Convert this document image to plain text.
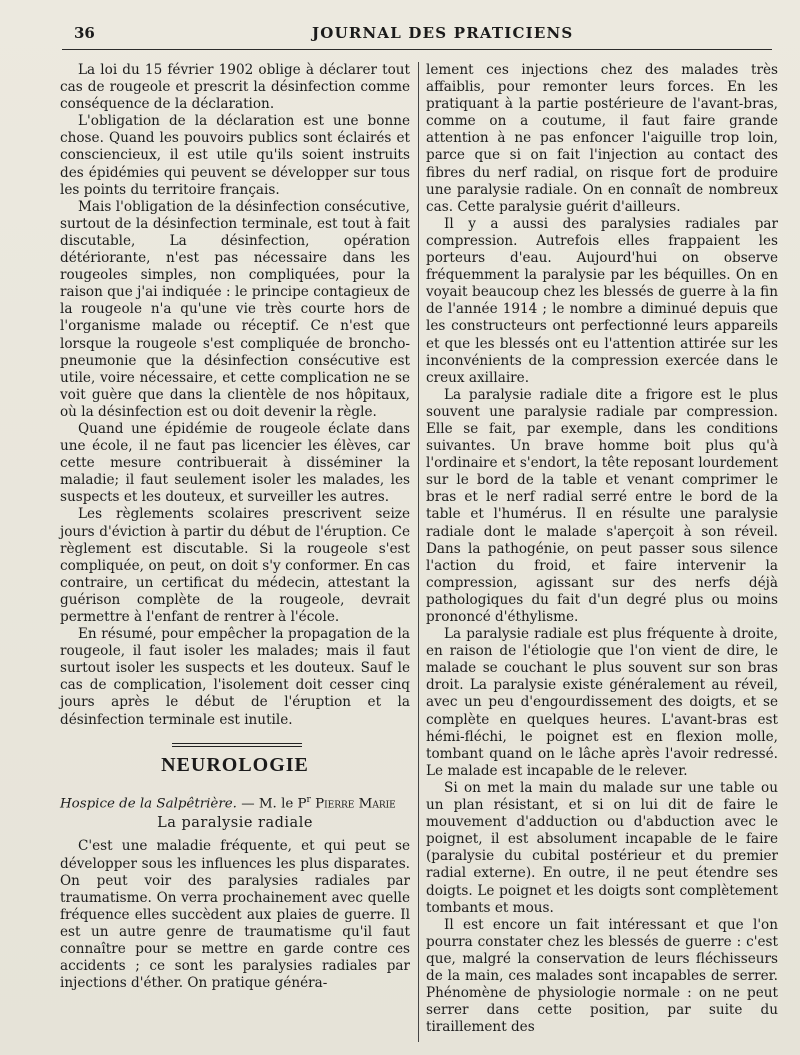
36	JOURNAL DES PRATICIENS

La loi du 15 février 1902 oblige à déclarer tout cas de rougeole et prescrit la désinfection comme conséquence de la déclaration.

L'obligation de la déclaration est une bonne chose. Quand les pouvoirs publics sont éclairés et consciencieux, il est utile qu'ils soient instruits des épidémies qui peuvent se développer sur tous les points du territoire français.

Mais l'obligation de la désinfection consécutive, surtout de la désinfection terminale, est tout à fait discutable, La désinfection, opération détériorante, n'est pas nécessaire dans les rougeoles simples, non compliquées, pour la raison que j'ai indiquée : le principe contagieux de la rougeole n'a qu'une vie très courte hors de l'organisme malade ou réceptif. Ce n'est que lorsque la rougeole s'est compliquée de broncho-pneumonie que la désinfection consécutive est utile, voire nécessaire, et cette complication ne se voit guère que dans la clientèle de nos hôpitaux, où la désinfection est ou doit devenir la règle.

Quand une épidémie de rougeole éclate dans une école, il ne faut pas licencier les élèves, car cette mesure contribuerait à disséminer la maladie; il faut seulement isoler les malades, les suspects et les douteux, et surveiller les autres.

Les règlements scolaires prescrivent seize jours d'éviction à partir du début de l'éruption. Ce règlement est discutable. Si la rougeole s'est compliquée, on peut, on doit s'y conformer. En cas contraire, un certificat du médecin, attestant la guérison complète de la rougeole, devrait permettre à l'enfant de rentrer à l'école.

En résumé, pour empêcher la propagation de la rougeole, il faut isoler les malades; mais il faut surtout isoler les suspects et les douteux. Sauf le cas de complication, l'isolement doit cesser cinq jours après le début de l'éruption et la désinfection terminale est inutile.

NEUROLOGIE

Hospice de la Salpêtrière. — M. le $P^r$ Pierre Marie

La paralysie radiale

C'est une maladie fréquente, et qui peut se développer sous les influences les plus disparates. On peut voir des paralysies radiales par traumatisme. On verra prochainement avec quelle fréquence elles succèdent aux plaies de guerre. Il est un autre genre de traumatisme qu'il faut connaître pour se mettre en garde contre ces accidents ; ce sont les paralysies radiales par injections d'éther. On pratique généra-

lement ces injections chez des malades très affaiblis, pour remonter leurs forces. En les pratiquant à la partie postérieure de l'avant-bras, comme on a coutume, il faut faire grande attention à ne pas enfoncer l'aiguille trop loin, parce que si on fait l'injection au contact des fibres du nerf radial, on risque fort de produire une paralysie radiale. On en connaît de nombreux cas. Cette paralysie guérit d'ailleurs.

Il y a aussi des paralysies radiales par compression. Autrefois elles frappaient les porteurs d'eau. Aujourd'hui on observe fréquemment la paralysie par les béquilles. On en voyait beaucoup chez les blessés de guerre à la fin de l'année 1914 ; le nombre a diminué depuis que les constructeurs ont perfectionné leurs appareils et que les blessés ont eu l'attention attirée sur les inconvénients de la compression exercée dans le creux axillaire.

La paralysie radiale dite a frigore est le plus souvent une paralysie radiale par compression. Elle se fait, par exemple, dans les conditions suivantes. Un brave homme boit plus qu'à l'ordinaire et s'endort, la tête reposant lourdement sur le bord de la table et venant comprimer le bras et le nerf radial serré entre le bord de la table et l'humérus. Il en résulte une paralysie radiale dont le malade s'aperçoit à son réveil. Dans la pathogénie, on peut passer sous silence l'action du froid, et faire intervenir la compression, agissant sur des nerfs déjà pathologiques du fait d'un degré plus ou moins prononcé d'éthylisme.

La paralysie radiale est plus fréquente à droite, en raison de l'étiologie que l'on vient de dire, le malade se couchant le plus souvent sur son bras droit. La paralysie existe généralement au réveil, avec un peu d'engourdissement des doigts, et se complète en quelques heures. L'avant-bras est hémi-fléchi, le poignet est en flexion molle, tombant quand on le lâche après l'avoir redressé. Le malade est incapable de le relever.

Si on met la main du malade sur une table ou un plan résistant, et si on lui dit de faire le mouvement d'adduction ou d'abduction avec le poignet, il est absolument incapable de le faire (paralysie du cubital postérieur et du premier radial externe). En outre, il ne peut étendre ses doigts. Le poignet et les doigts sont complètement tombants et mous.

Il est encore un fait intéressant et que l'on pourra constater chez les blessés de guerre : c'est que, malgré la conservation de leurs fléchisseurs de la main, ces malades sont incapables de serrer. Phénomène de physiologie normale : on ne peut serrer dans cette position, par suite du tiraillement des
